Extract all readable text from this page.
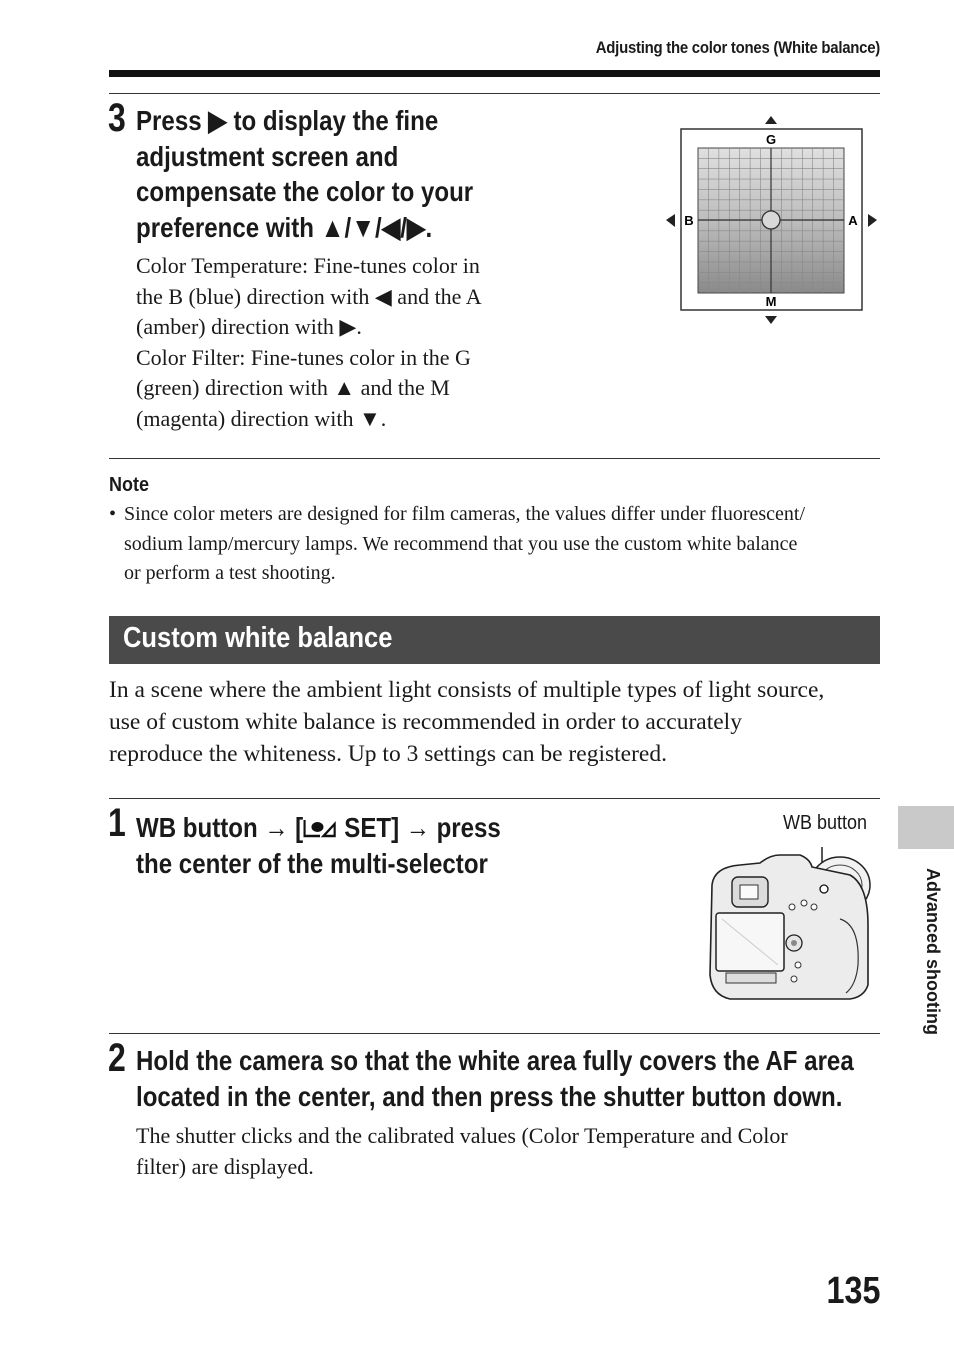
Adjusting the color tones (White balance)
3 Press ▶ to display the fine
adjustment screen and
compensate the color to your
preference with ▲/▼/◀/▶.
Color Temperature: Fine-tunes color in
the B (blue) direction with ◀ and the A
(amber) direction with ▶.
Color Filter: Fine-tunes color in the G
(green) direction with ▲ and the M
(magenta) direction with ▼.
G
M
B	A
Note
• Since color meters are designed for film cameras, the values differ under fluorescent/
sodium lamp/mercury lamps. We recommend that you use the custom white balance
or perform a test shooting.
Custom white balance
In a scene where the ambient light consists of multiple types of light source,
use of custom white balance is recommended in order to accurately
reproduce the whiteness. Up to 3 settings can be registered.
1 WB button → [ SET] → press
the center of the multi-selector
WB button
2 Hold the camera so that the white area fully covers the AF area
located in the center, and then press the shutter button down.
The shutter clicks and the calibrated values (Color Temperature and Color
filter) are displayed.
Advanced shooting
135
